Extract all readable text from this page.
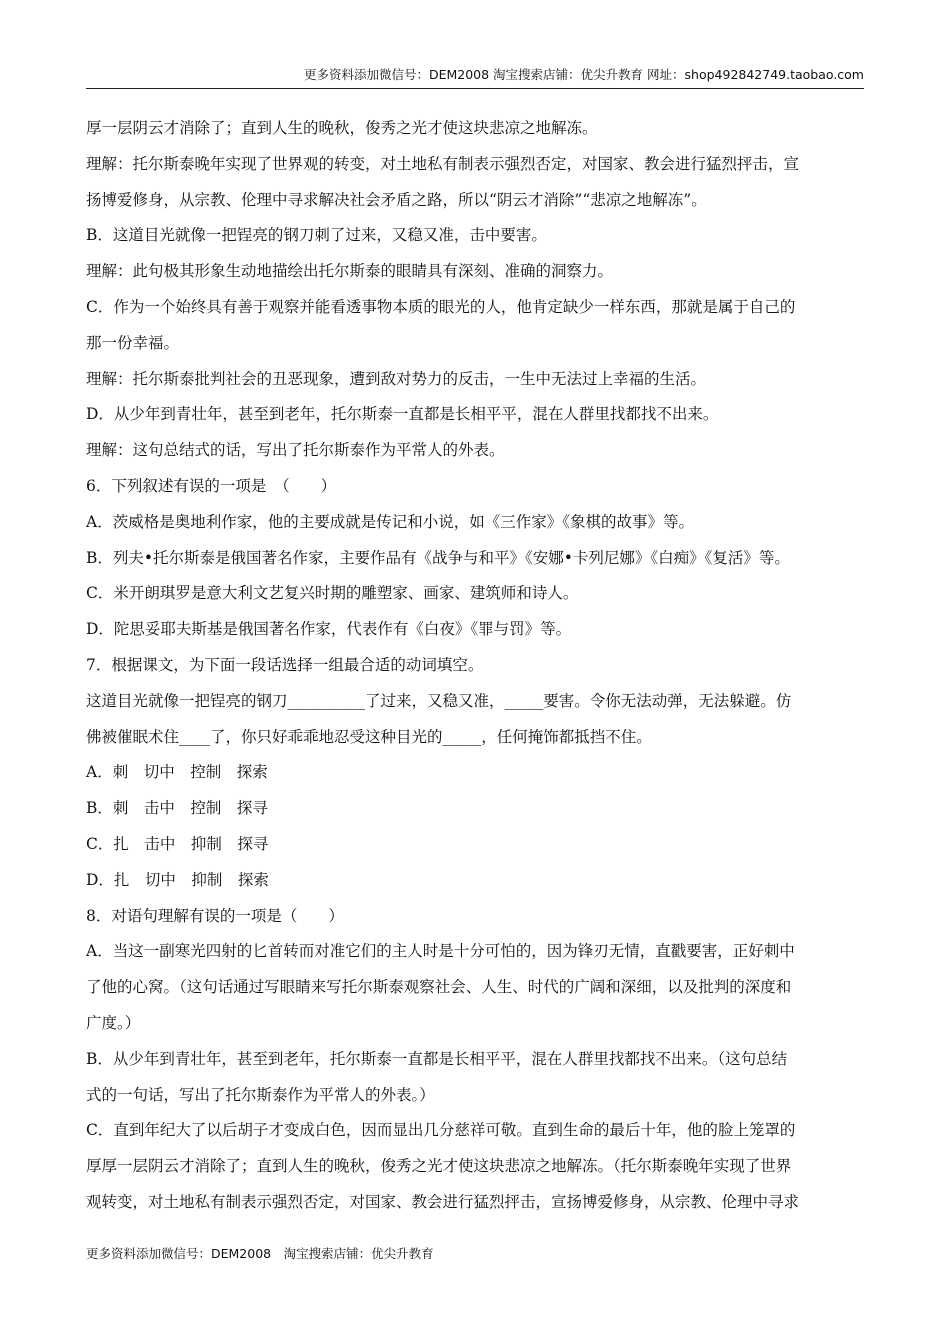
更多资料添加微信号：DEM2008 淘宝搜索店铺：优尖升教育 网址：shop492842749.taobao.com
厚一层阴云才消除了；直到人生的晚秋，俊秀之光才使这块悲凉之地解冻。
理解：托尔斯泰晚年实现了世界观的转变，对土地私有制表示强烈否定，对国家、教会进行猛烈抨击，宣
扬博爱修身，从宗教、伦理中寻求解决社会矛盾之路，所以“阴云才消除”“悲凉之地解冻”。
B．这道目光就像一把锃亮的钢刀刺了过来，又稳又准，击中要害。
理解：此句极其形象生动地描绘出托尔斯泰的眼睛具有深刻、准确的洞察力。
C．作为一个始终具有善于观察并能看透事物本质的眼光的人，他肯定缺少一样东西，那就是属于自己的
那一份幸福。
理解：托尔斯泰批判社会的丑恶现象，遭到敌对势力的反击，一生中无法过上幸福的生活。
D．从少年到青壮年，甚至到老年，托尔斯泰一直都是长相平平，混在人群里找都找不出来。
理解：这句总结式的话，写出了托尔斯泰作为平常人的外表。
6．下列叙述有误的一项是　（　　）
A．茨威格是奥地利作家，他的主要成就是传记和小说，如《三作家》《象棋的故事》等。
B．列夫•托尔斯泰是俄国著名作家，主要作品有《战争与和平》《安娜•卡列尼娜》《白痴》《复活》等。
C．米开朗琪罗是意大利文艺复兴时期的雕塑家、画家、建筑师和诗人。
D．陀思妥耶夫斯基是俄国著名作家，代表作有《白夜》《罪与罚》等。
7．根据课文，为下面一段话选择一组最合适的动词填空。
这道目光就像一把锃亮的钢刀__________了过来，又稳又准，_____要害。令你无法动弹，无法躲避。仿
佛被催眠术住____了，你只好乖乖地忍受这种目光的_____，任何掩饰都抵挡不住。
A．刺　切中　控制　探索
B．刺　击中　控制　探寻
C．扎　击中　抑制　探寻
D．扎　切中　抑制　探索
8．对语句理解有误的一项是（　　）
A．当这一副寒光四射的匕首转而对准它们的主人时是十分可怕的，因为锋刃无情，直戳要害，正好刺中
了他的心窝。（这句话通过写眼睛来写托尔斯泰观察社会、人生、时代的广阔和深细，以及批判的深度和
广度。）
B．从少年到青壮年，甚至到老年，托尔斯泰一直都是长相平平，混在人群里找都找不出来。（这句总结
式的一句话，写出了托尔斯泰作为平常人的外表。）
C．直到年纪大了以后胡子才变成白色，因而显出几分慈祥可敬。直到生命的最后十年，他的脸上笼罩的
厚厚一层阴云才消除了；直到人生的晚秋，俊秀之光才使这块悲凉之地解冻。（托尔斯泰晚年实现了世界
观转变，对土地私有制表示强烈否定，对国家、教会进行猛烈抨击，宣扬博爱修身，从宗教、伦理中寻求
更多资料添加微信号：DEM2008　淘宝搜索店铺：优尖升教育
